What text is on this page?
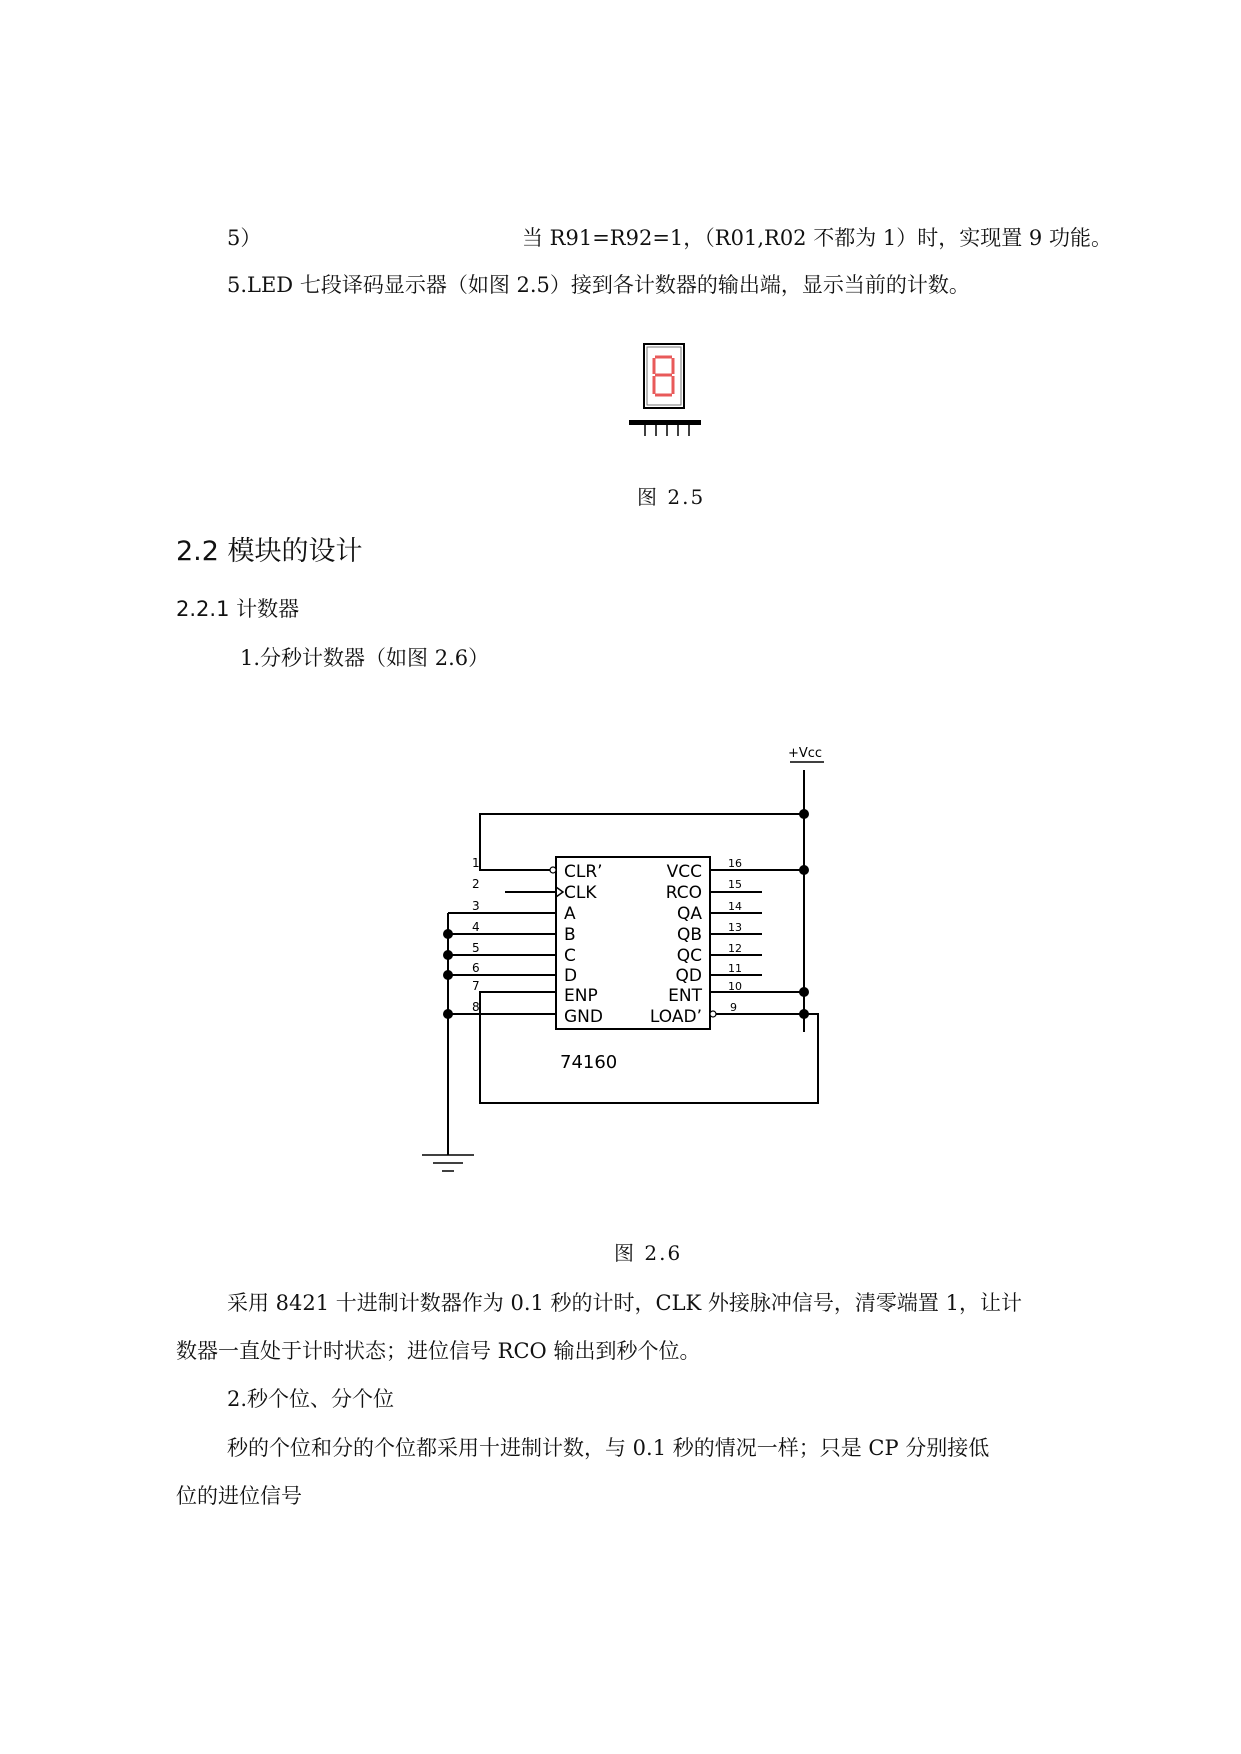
5）	当 R91=R92=1，（R01,R02 不都为 1）时，实现置 9 功能。
5.LED 七段译码显示器（如图 2.5）接到各计数器的输出端，显示当前的计数。
图 2.5
2.2 模块的设计
2.2.1 计数器
1.分秒计数器（如图 2.6）
+Vcc
74160
1
2
3
4
5
6
7
8
CLR’
CLK
A
B
C
D
ENP
GND
VCC
RCO
QA
QB
QC
QD
ENT
LOAD’
16
15
14
13
12
11
10
9
图 2.6
采用 8421 十进制计数器作为 0.1 秒的计时，CLK 外接脉冲信号，清零端置 1，让计
数器一直处于计时状态；进位信号 RCO 输出到秒个位。
2.秒个位、分个位
秒的个位和分的个位都采用十进制计数，与 0.1 秒的情况一样；只是 CP 分别接低
位的进位信号
